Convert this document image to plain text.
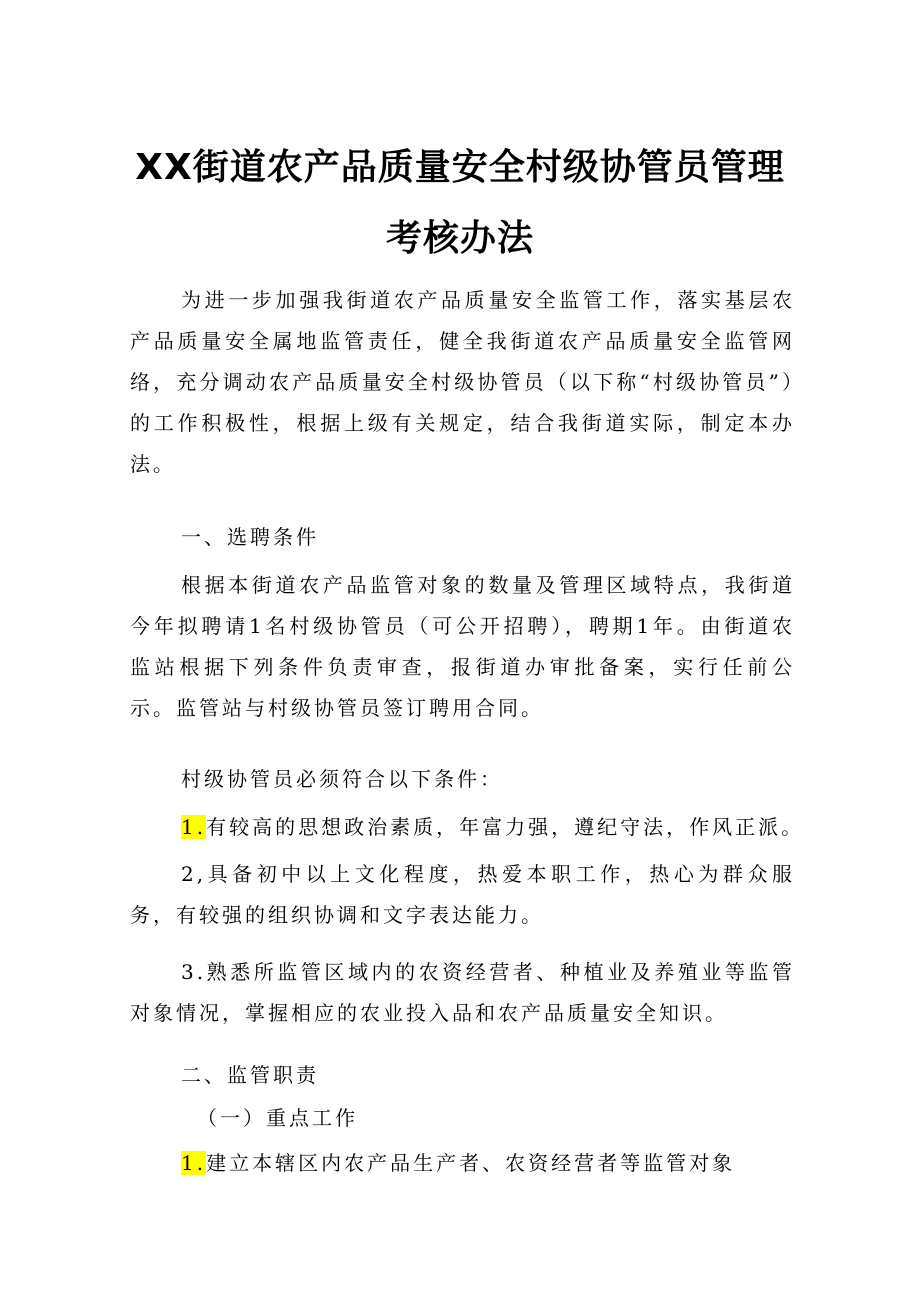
XX街道农产品质量安全村级协管员管理
考核办法
为进一步加强我街道农产品质量安全监管工作，落实基层农产品质量安全属地监管责任，健全我街道农产品质量安全监管网络，充分调动农产品质量安全村级协管员（以下称“村级协管员”）的工作积极性，根据上级有关规定，结合我街道实际，制定本办法。
一、选聘条件
根据本街道农产品监管对象的数量及管理区域特点，我街道今年拟聘请1名村级协管员（可公开招聘），聘期1年。由街道农监站根据下列条件负责审查，报街道办审批备案，实行任前公示。监管站与村级协管员签订聘用合同。
村级协管员必须符合以下条件：
1.有较高的思想政治素质，年富力强，遵纪守法，作风正派。
2,具备初中以上文化程度，热爱本职工作，热心为群众服务，有较强的组织协调和文字表达能力。
3.熟悉所监管区域内的农资经营者、种植业及养殖业等监管对象情况，掌握相应的农业投入品和农产品质量安全知识。
二、监管职责
（一）重点工作
1.建立本辖区内农产品生产者、农资经营者等监管对象
